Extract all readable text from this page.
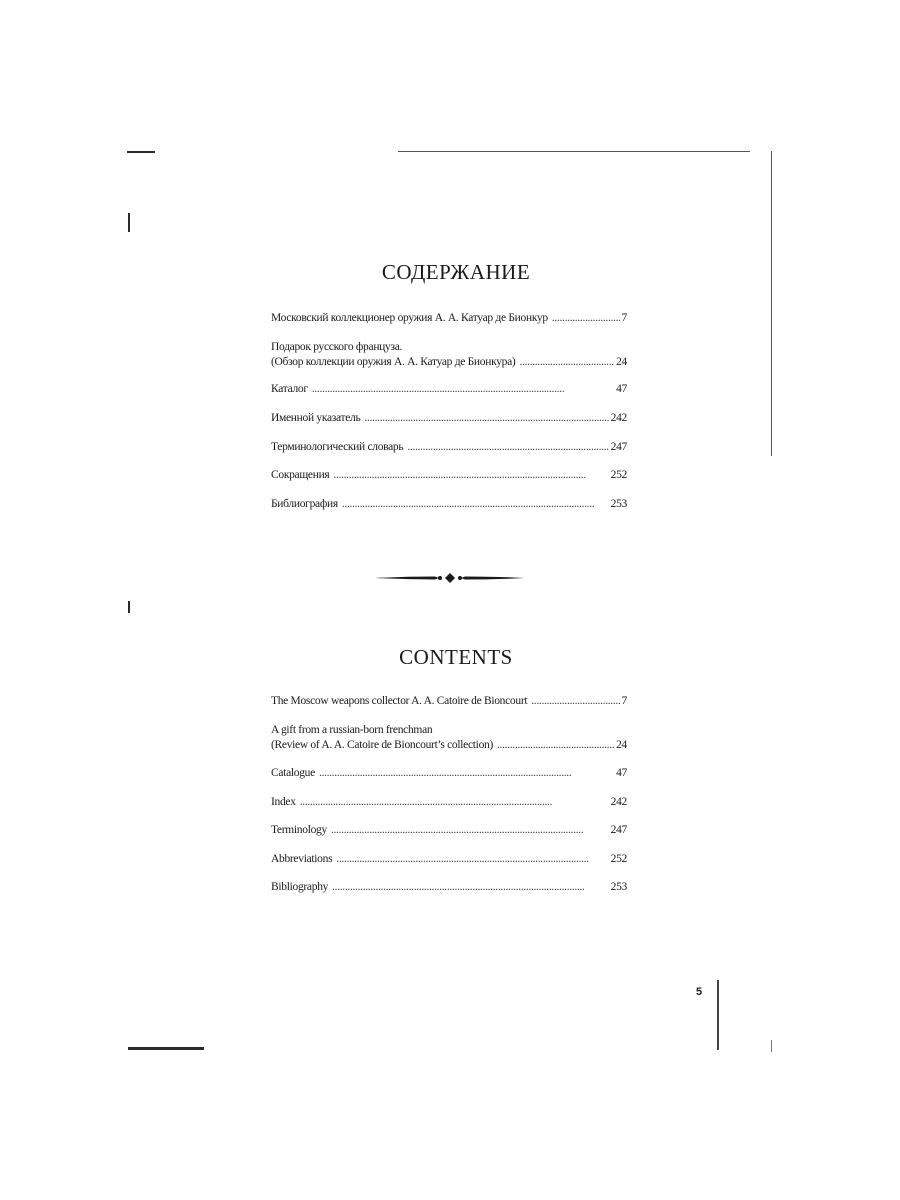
СОДЕРЖАНИЕ
Московский коллекционер оружия А. А. Катуар де Бионкур . . .	7
Подарок русского француза.
(Обзор коллекции оружия А. А. Катуар де Бионкура) . . .	24
Каталог . . .	47
Именной указатель . . .	242
Терминологический словарь . . .	247
Сокращения . . .	252
Библиография . . .	253
CONTENTS
The Moscow weapons collector A. A. Catoire de Bioncourt . . .	7
A gift from a russian-born frenchman
(Review of A. A. Catoire de Bioncourt’s collection) . . .	24
Catalogue . . .	47
Index . . .	242
Terminology . . .	247
Abbreviations . . .	252
Bibliography . . .	253
5
